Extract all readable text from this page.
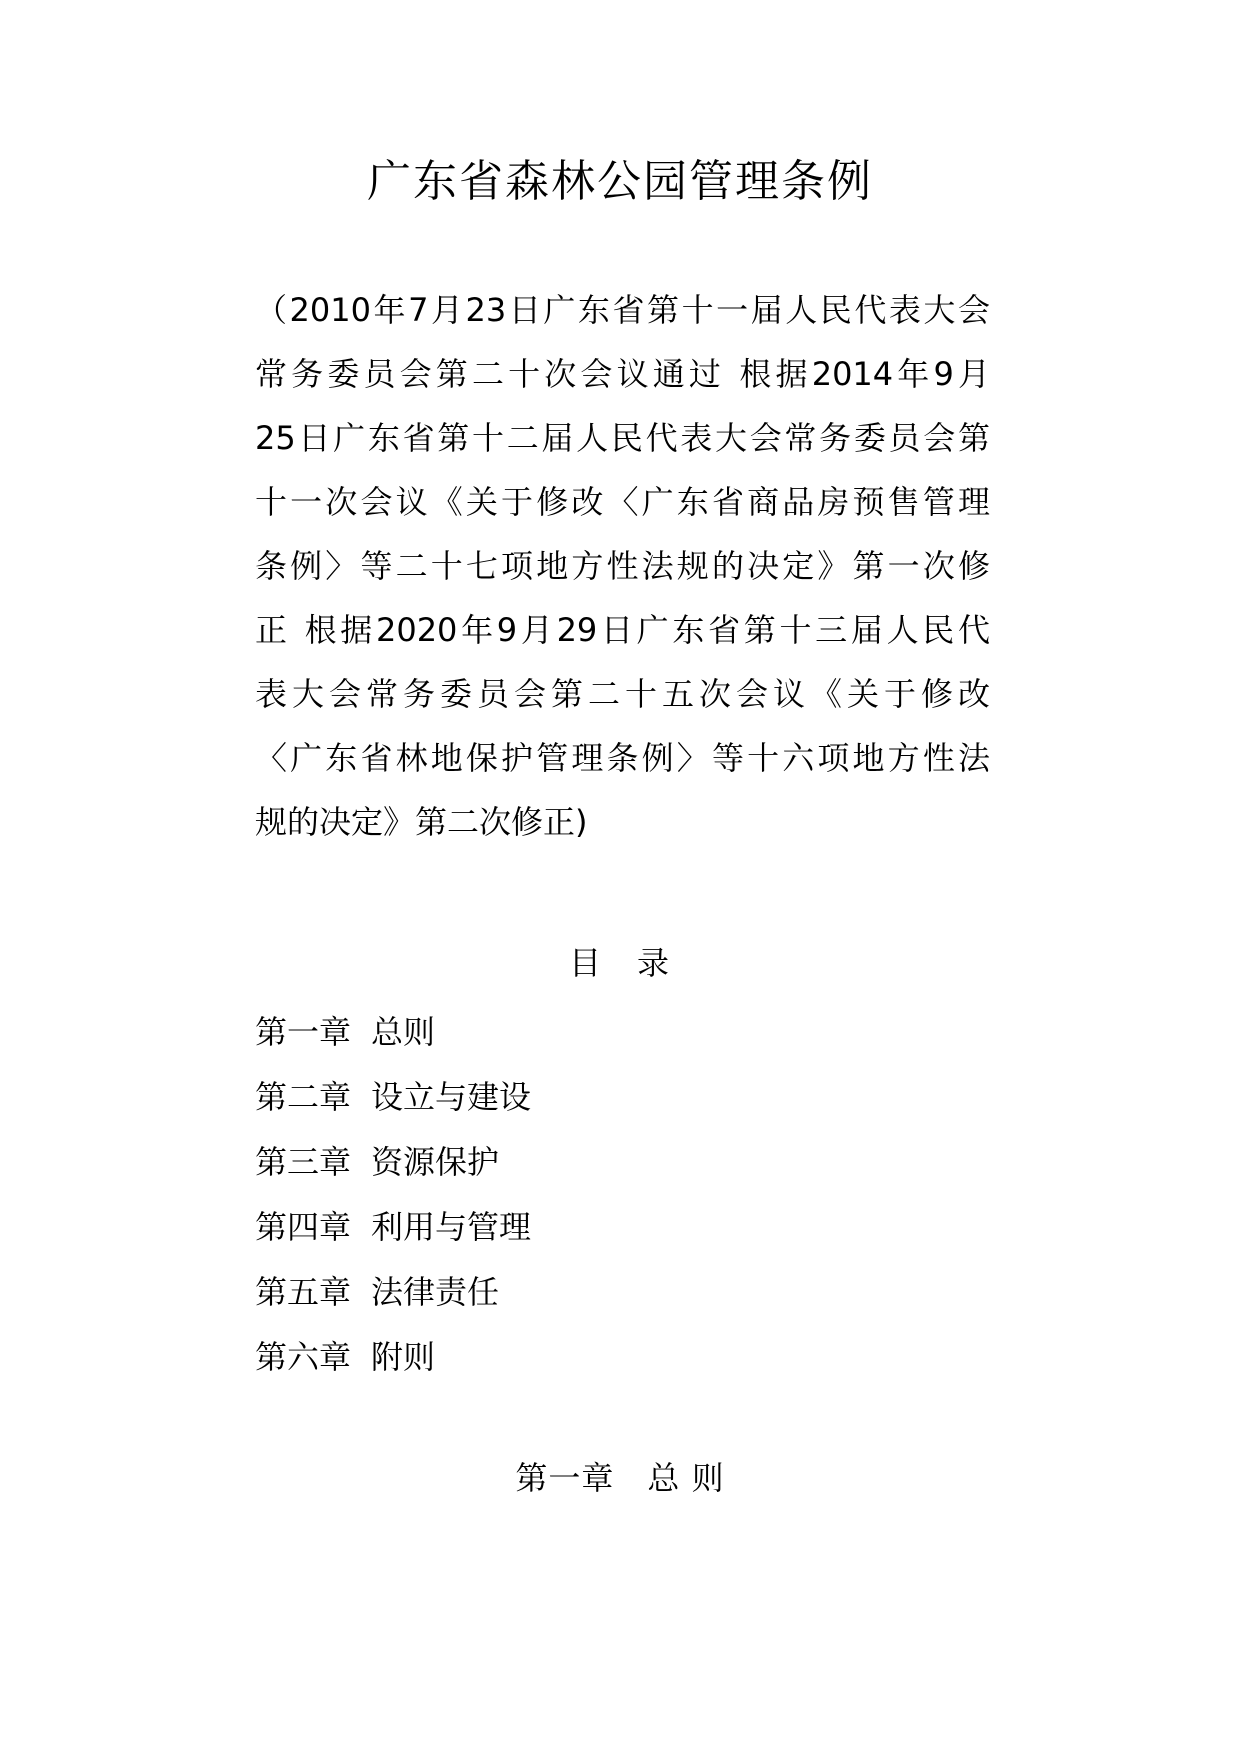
广东省森林公园管理条例
（2010年7月23日广东省第十一届人民代表大会
常务委员会第二十次会议通过 根据2014年9月
25日广东省第十二届人民代表大会常务委员会第
十一次会议《关于修改〈广东省商品房预售管理
条例〉等二十七项地方性法规的决定》第一次修
正 根据2020年9月29日广东省第十三届人民代
表大会常务委员会第二十五次会议《关于修改
〈广东省林地保护管理条例〉等十六项地方性法
规的决定》第二次修正)
目　录
第一章 总则
第二章 设立与建设
第三章 资源保护
第四章 利用与管理
第五章 法律责任
第六章 附则
第一章　总 则
